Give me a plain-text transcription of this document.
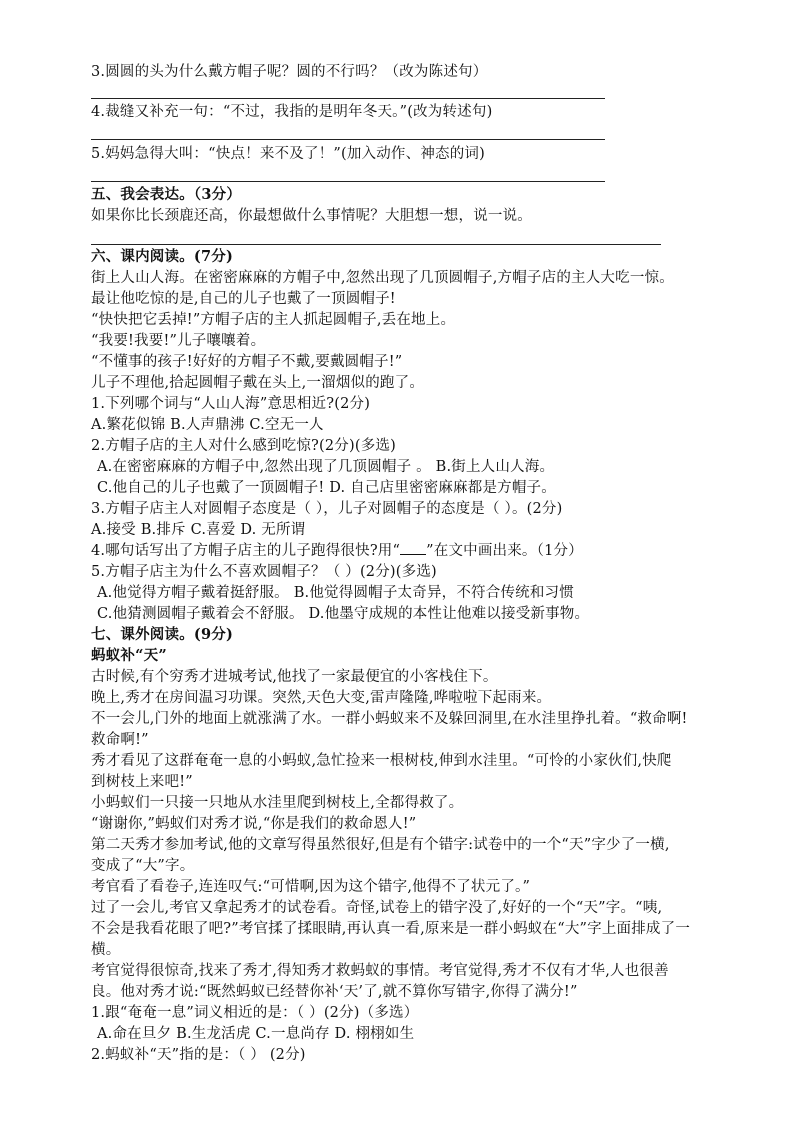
3.圆圆的头为什么戴方帽子呢？圆的不行吗？（改为陈述句）
4.裁缝又补充一句：“不过，我指的是明年冬天。”(改为转述句)
5.妈妈急得大叫：“快点！来不及了！”(加入动作、神态的词)
五、我会表达。（3分）
如果你比长颈鹿还高，你最想做什么事情呢？大胆想一想，说一说。
六、课内阅读。(7分)
街上人山人海。在密密麻麻的方帽子中,忽然出现了几顶圆帽子,方帽子店的主人大吃一惊。
最让他吃惊的是,自己的儿子也戴了一顶圆帽子!
“快快把它丢掉!”方帽子店的主人抓起圆帽子,丢在地上。
“我要!我要!”儿子嚷嚷着。
“不懂事的孩子!好好的方帽子不戴,要戴圆帽子!”
儿子不理他,拾起圆帽子戴在头上,一溜烟似的跑了。
1.下列哪个词与“人山人海”意思相近?(2分)
A.繁花似锦 B.人声鼎沸 C.空无一人
2.方帽子店的主人对什么感到吃惊?(2分)(多选)
A.在密密麻麻的方帽子中,忽然出现了几顶圆帽子 。 B.街上人山人海。
C.他自己的儿子也戴了一顶圆帽子! D. 自己店里密密麻麻都是方帽子。
3.方帽子店主人对圆帽子态度是（ ），儿子对圆帽子的态度是（ ）。(2分)
A.接受 B.排斥 C.喜爱 D. 无所谓
4.哪句话写出了方帽子店主的儿子跑得很快?用“ ”在文中画出来。（1分）
5.方帽子店主为什么不喜欢圆帽子？（ ）(2分)(多选)
A.他觉得方帽子戴着挺舒服。 B.他觉得圆帽子太奇异，不符合传统和习惯
C.他猜测圆帽子戴着会不舒服。 D.他墨守成规的本性让他难以接受新事物。
七、课外阅读。(9分)
蚂蚁补“天”
古时候,有个穷秀才进城考试,他找了一家最便宜的小客栈住下。
晚上,秀才在房间温习功课。突然,天色大变,雷声隆隆,哗啦啦下起雨来。
不一会儿,门外的地面上就涨满了水。一群小蚂蚁来不及躲回洞里,在水洼里挣扎着。“救命啊!
救命啊!”
秀才看见了这群奄奄一息的小蚂蚁,急忙捡来一根树枝,伸到水洼里。“可怜的小家伙们,快爬
到树枝上来吧!”
小蚂蚁们一只接一只地从水洼里爬到树枝上,全都得救了。
“谢谢你,”蚂蚁们对秀才说,“你是我们的救命恩人!”
第二天秀才参加考试,他的文章写得虽然很好,但是有个错字:试卷中的一个“天”字少了一横,
变成了“大”字。
考官看了看卷子,连连叹气:“可惜啊,因为这个错字,他得不了状元了。”
过了一会儿,考官又拿起秀才的试卷看。奇怪,试卷上的错字没了,好好的一个“天”字。“咦,
不会是我看花眼了吧?”考官揉了揉眼睛,再认真一看,原来是一群小蚂蚁在“大”字上面排成了一
横。
考官觉得很惊奇,找来了秀才,得知秀才救蚂蚁的事情。考官觉得,秀才不仅有才华,人也很善
良。他对秀才说:“既然蚂蚁已经替你补‘天’了,就不算你写错字,你得了满分!”
1.跟“奄奄一息”词义相近的是：（ ）(2分)（多选）
A.命在旦夕 B.生龙活虎 C.一息尚存 D. 栩栩如生
2.蚂蚁补“天”指的是：（ ） (2分)
